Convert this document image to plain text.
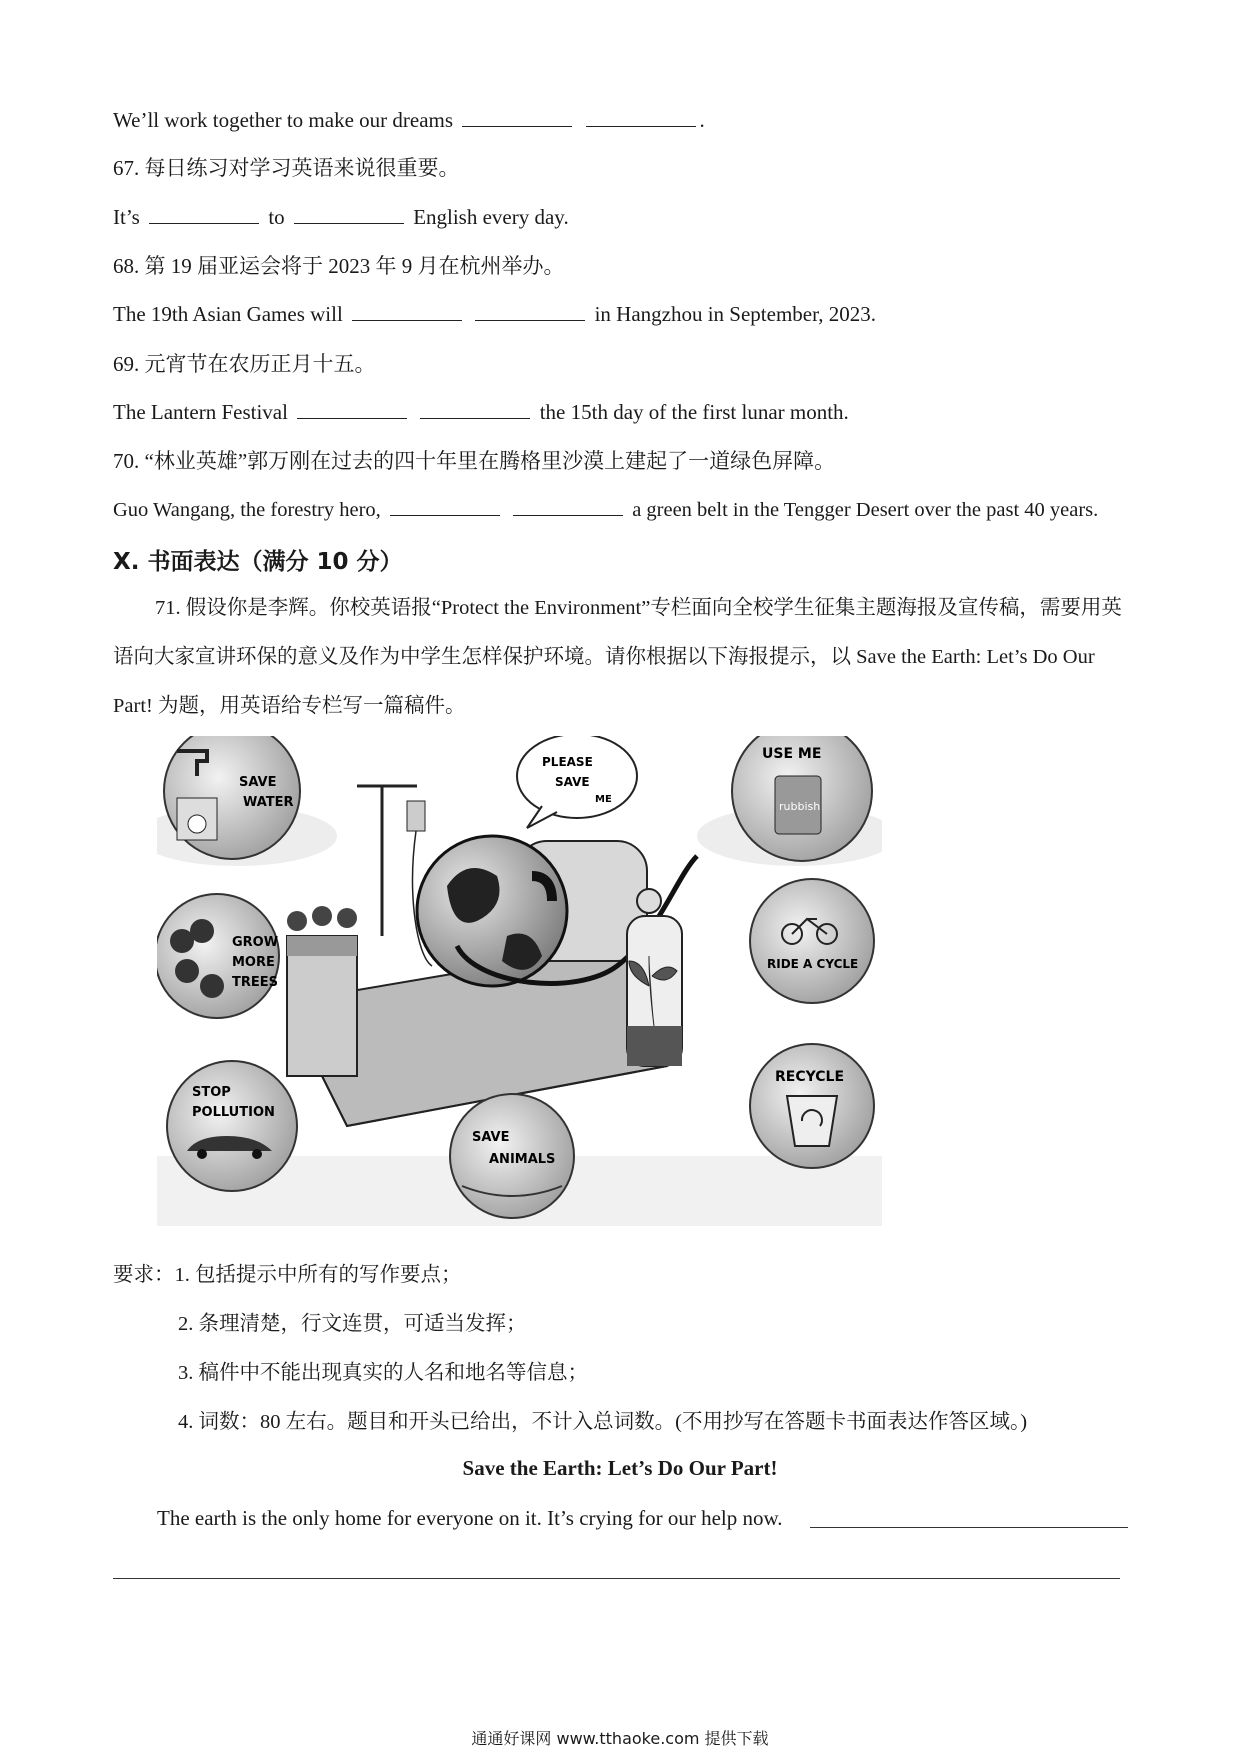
We’ll work together to make our dreams	.
67. 每日练习对学习英语来说很重要。
It’s	to	English every day.
68. 第 19 届亚运会将于 2023 年 9 月在杭州举办。
The 19th Asian Games will	in Hangzhou in September, 2023.
69. 元宵节在农历正月十五。
The Lantern Festival	the 15th day of the first lunar month.
70. “林业英雄”郭万刚在过去的四十年里在腾格里沙漠上建起了一道绿色屏障。
Guo Wangang, the forestry hero,	a green belt in the Tengger Desert over the past 40 years.
X. 书面表达（满分 10 分）
71. 假设你是李辉。你校英语报“Protect the Environment”专栏面向全校学生征集主题海报及宣传稿，需要用英语向大家宣讲环保的意义及作为中学生怎样保护环境。请你根据以下海报提示，以 Save the Earth: Let’s Do Our Part! 为题，用英语给专栏写一篇稿件。
SAVE
WATER
USE ME
rubbish
PLEASE
SAVE
ME
GROW
MORE
TREES
RIDE A CYCLE
STOP
POLLUTION
SAVE
ANIMALS
RECYCLE
要求：1. 包括提示中所有的写作要点；
2. 条理清楚，行文连贯，可适当发挥；
3. 稿件中不能出现真实的人名和地名等信息；
4. 词数：80 左右。题目和开头已给出，不计入总词数。(不用抄写在答题卡书面表达作答区域。)
Save the Earth: Let’s Do Our Part!
The earth is the only home for everyone on it. It’s crying for our help now.
通通好课网 www.tthaoke.com 提供下载
